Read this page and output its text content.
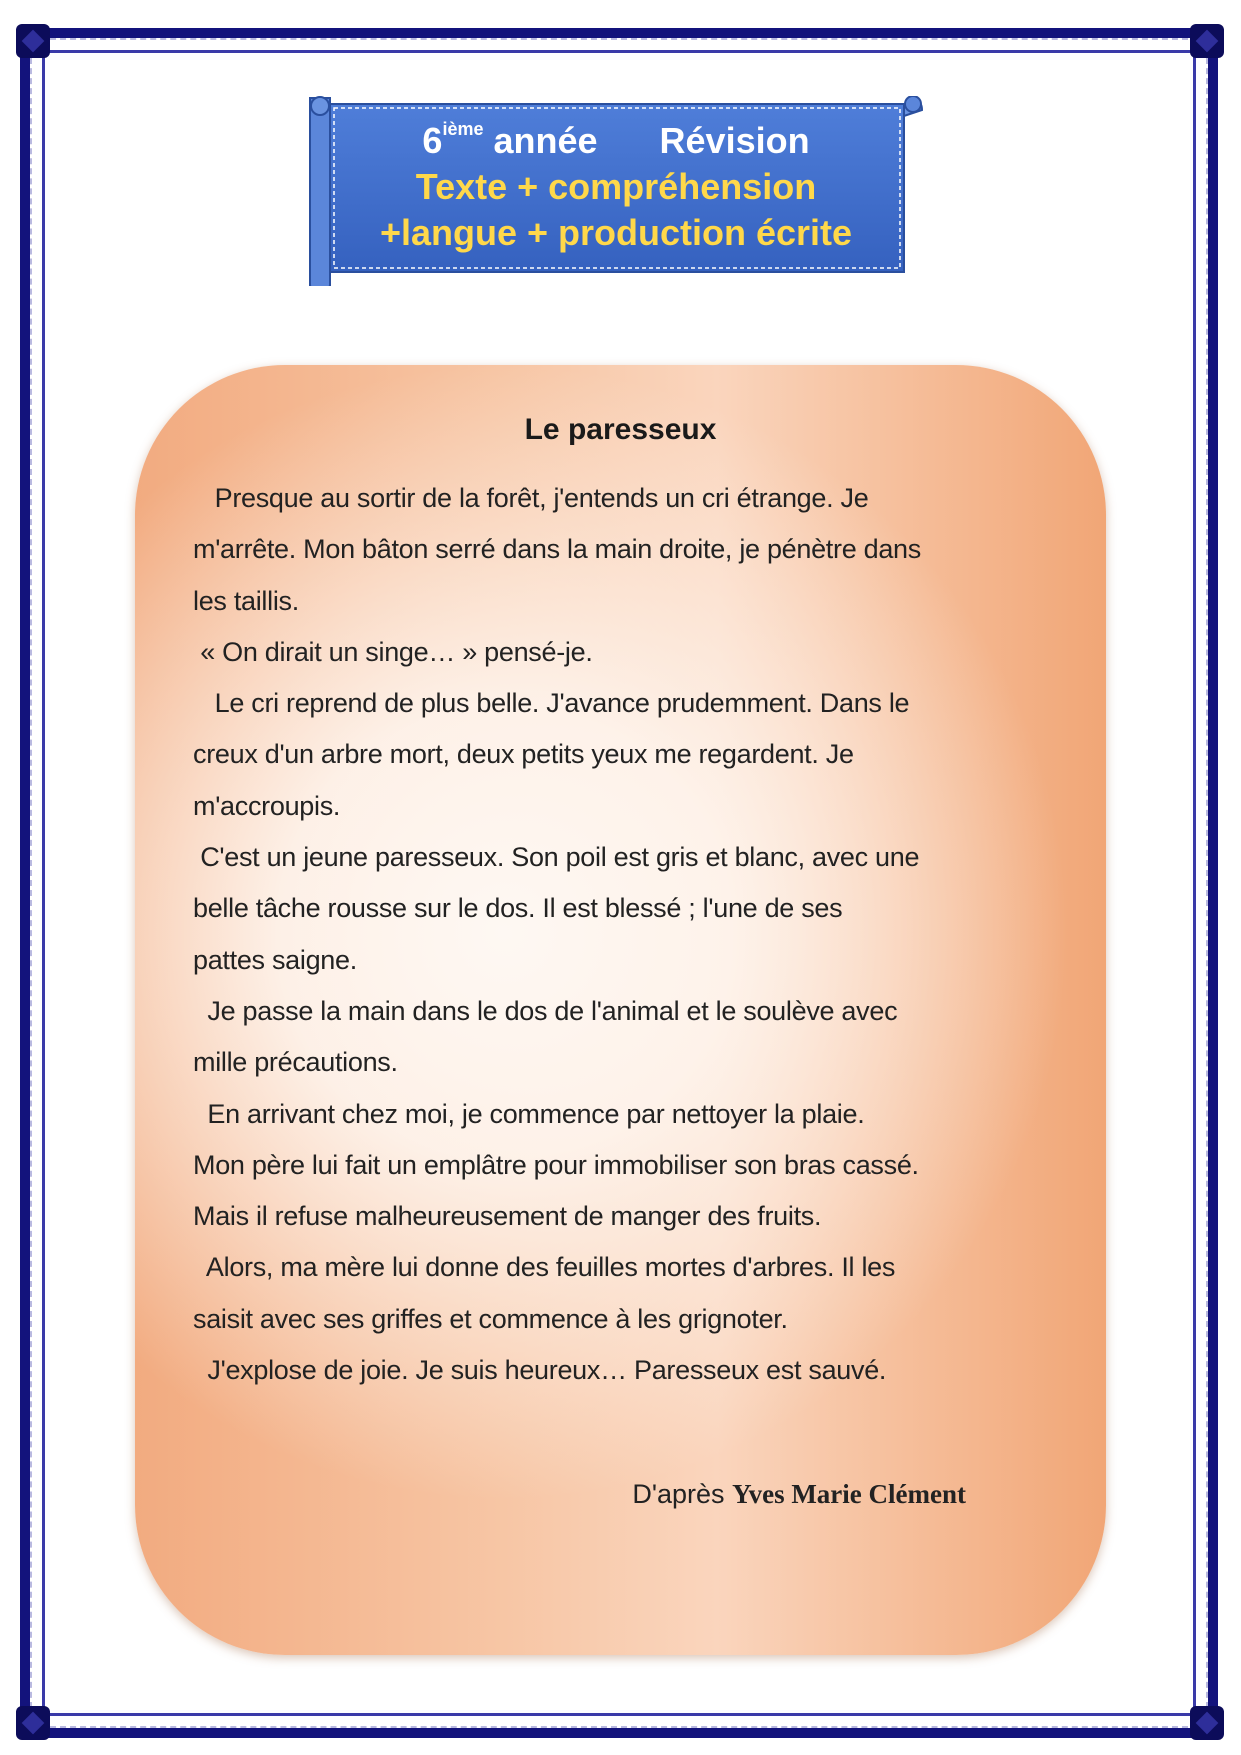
6ième année Révision
Texte + compréhension
+langue + production écrite
Le paresseux
Presque au sortir de la forêt, j'entends un cri étrange. Je
m'arrête. Mon bâton serré dans la main droite, je pénètre dans
les taillis.
« On dirait un singe… » pensé-je.
Le cri reprend de plus belle. J'avance prudemment. Dans le
creux d'un arbre mort, deux petits yeux me regardent. Je
m'accroupis.
C'est un jeune paresseux. Son poil est gris et blanc, avec une
belle tâche rousse sur le dos. Il est blessé ; l'une de ses
pattes saigne.
Je passe la main dans le dos de l'animal et le soulève avec
mille précautions.
En arrivant chez moi, je commence par nettoyer la plaie.
Mon père lui fait un emplâtre pour immobiliser son bras cassé.
Mais il refuse malheureusement de manger des fruits.
Alors, ma mère lui donne des feuilles mortes d'arbres. Il les
saisit avec ses griffes et commence à les grignoter.
J'explose de joie. Je suis heureux… Paresseux est sauvé.
D'après Yves Marie Clément
